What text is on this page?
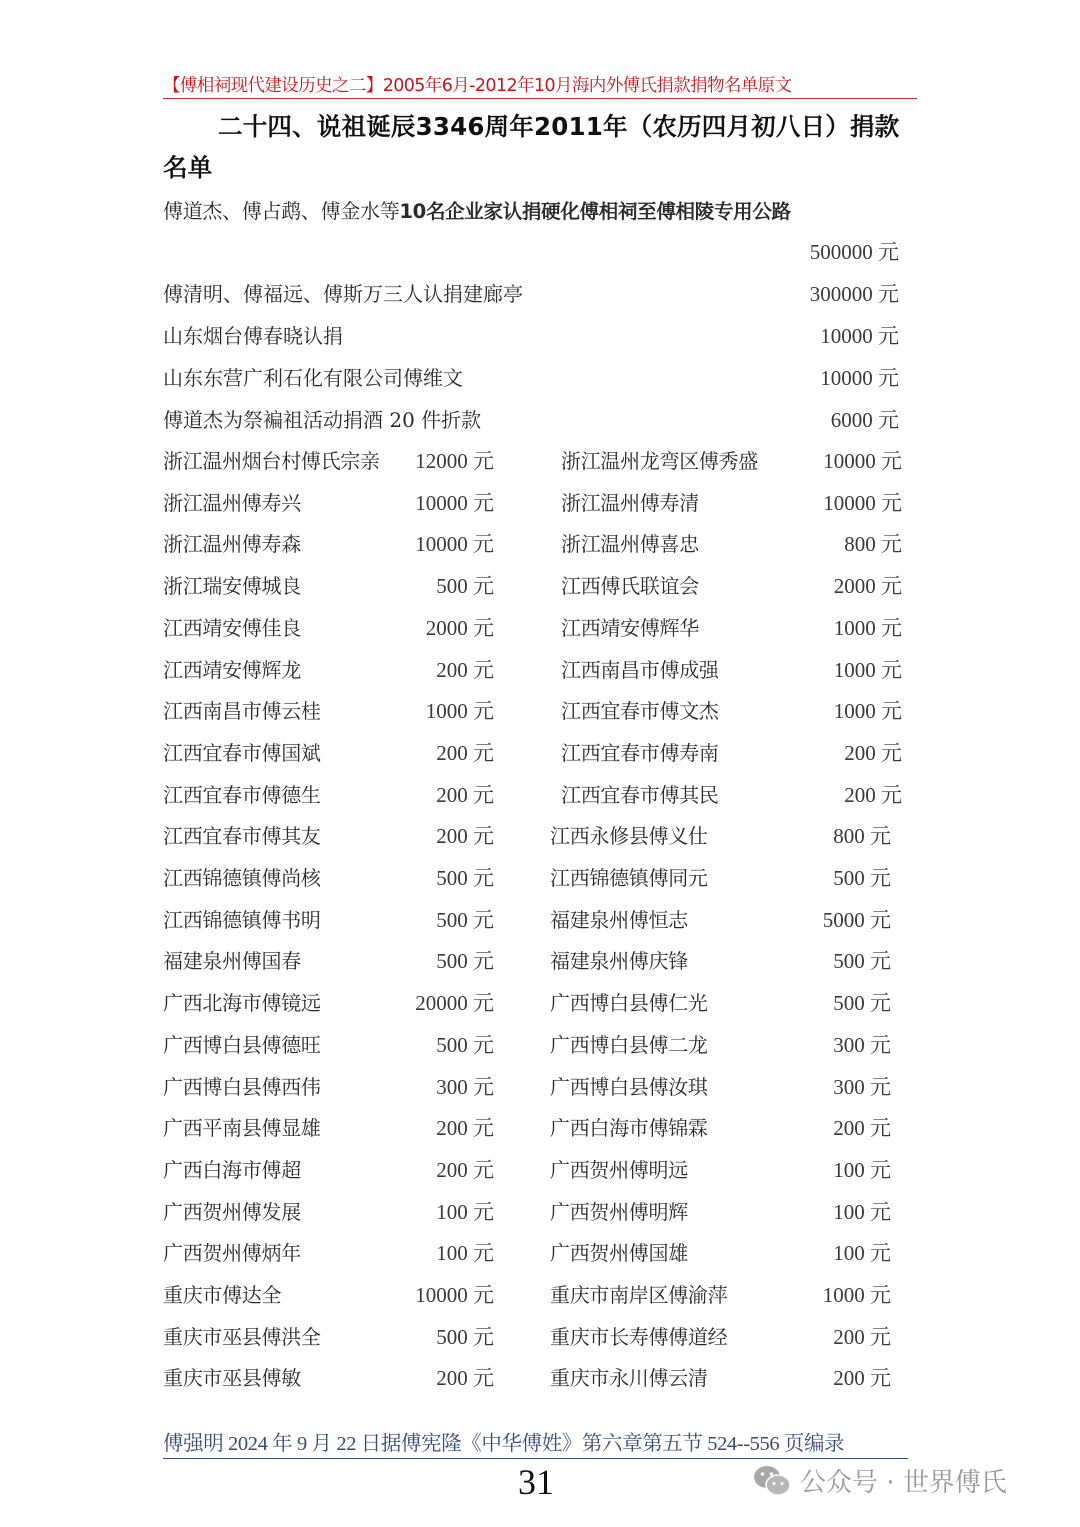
【傅相祠现代建设历史之二】2005年6月-2012年10月海内外傅氏捐款捐物名单原文
二十四、说祖诞辰3346周年2011年（农历四月初八日）捐款名单
傅道杰、傅占鹉、傅金水等10名企业家认捐硬化傅相祠至傅相陵专用公路
500000 元
傅清明、傅福远、傅斯万三人认捐建廊亭	300000 元
山东烟台傅春晓认捐	10000 元
山东东营广利石化有限公司傅维文	10000 元
傅道杰为祭褊祖活动捐酒 20 件折款	6000 元
浙江温州烟台村傅氏宗亲 12000 元	浙江温州龙弯区傅秀盛	10000 元
浙江温州傅寿兴	10000 元	浙江温州傅寿清	10000 元
浙江温州傅寿森	10000 元	浙江温州傅喜忠	800 元
浙江瑞安傅城良	500 元	江西傅氏联谊会	2000 元
江西靖安傅佳良	2000 元	江西靖安傅辉华	1000 元
江西靖安傅辉龙	200 元	江西南昌市傅成强	1000 元
江西南昌市傅云桂	1000 元	江西宜春市傅文杰	1000 元
江西宜春市傅国斌	200 元	江西宜春市傅寿南	200 元
江西宜春市傅德生	200 元	江西宜春市傅其民	200 元
江西宜春市傅其友	200 元	江西永修县傅义仕	800 元
江西锦德镇傅尚核	500 元	江西锦德镇傅同元	500 元
江西锦德镇傅书明	500 元	福建泉州傅恒志	5000 元
福建泉州傅国春	500 元	福建泉州傅庆锋	500 元
广西北海市傅镜远	20000 元	广西博白县傅仁光	500 元
广西博白县傅德旺	500 元	广西博白县傅二龙	300 元
广西博白县傅西伟	300 元	广西博白县傅汝琪	300 元
广西平南县傅显雄	200 元	广西白海市傅锦霖	200 元
广西白海市傅超	200 元	广西贺州傅明远	100 元
广西贺州傅发展	100 元	广西贺州傅明辉	100 元
广西贺州傅炳年	100 元	广西贺州傅国雄	100 元
重庆市傅达全	10000 元	重庆市南岸区傅渝萍	1000 元
重庆市巫县傅洪全	500 元	重庆市长寿傅傅道经	200 元
重庆市巫县傅敏	200 元	重庆市永川傅云清	200 元
傅强明 2024 年 9 月 22 日据傅宪隆《中华傅姓》第六章第五节 524--556 页编录
31	公众号 · 世界傅氏
